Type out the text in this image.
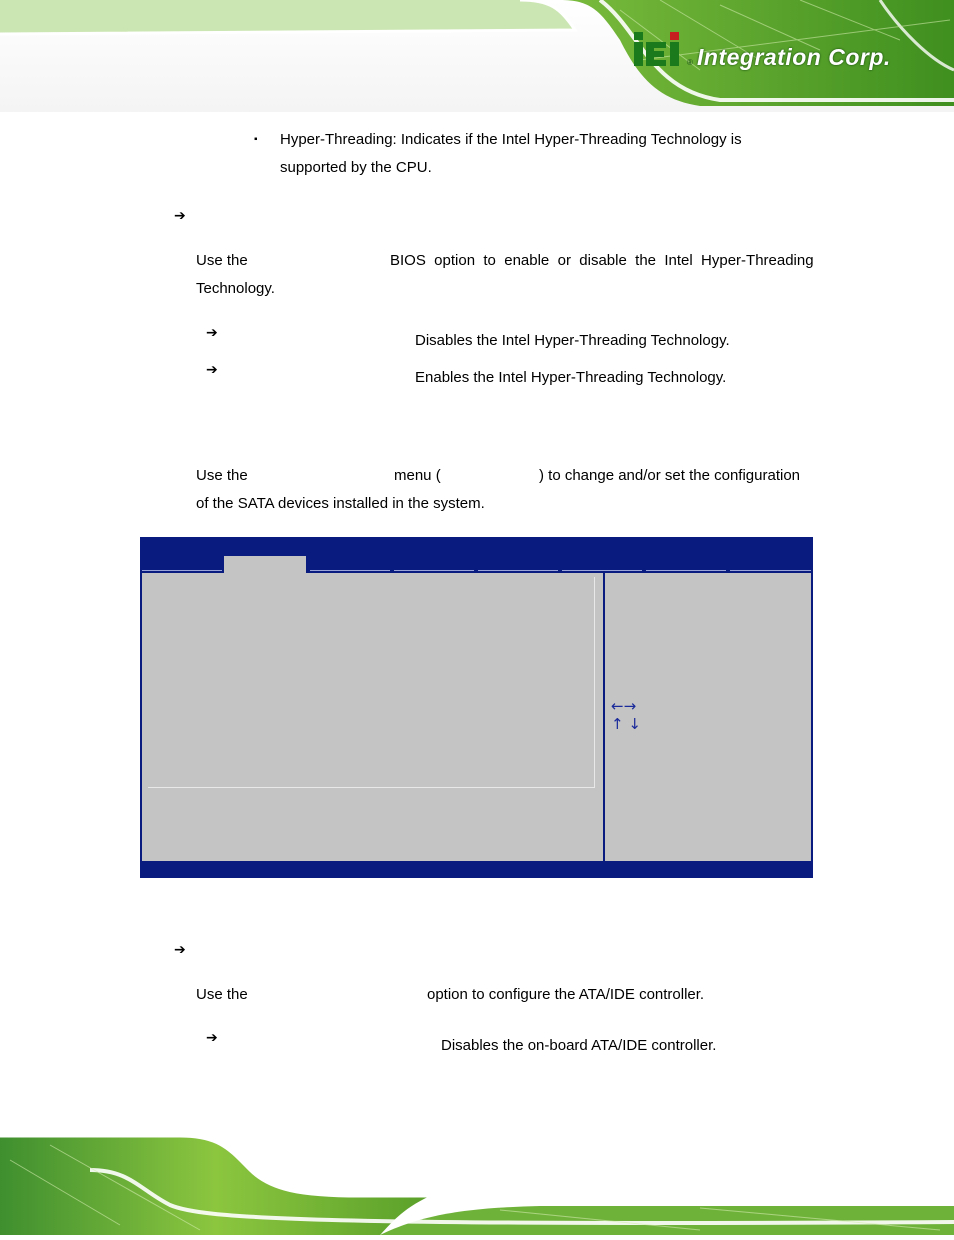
® Integration Corp.
▪ Hyper-Threading: Indicates if the Intel Hyper-Threading Technology is
supported by the CPU.
➔
Use the	BIOS  option  to  enable  or  disable  the  Intel  Hyper-Threading
Technology.
➔	Disables the Intel Hyper-Threading Technology.
➔	Enables the Intel Hyper-Threading Technology.
Use the	menu (	) to change and/or set the configuration
of the SATA devices installed in the system.
←→
↑ ↓
➔
Use the	option to configure the ATA/IDE controller.
➔	Disables the on-board ATA/IDE controller.
